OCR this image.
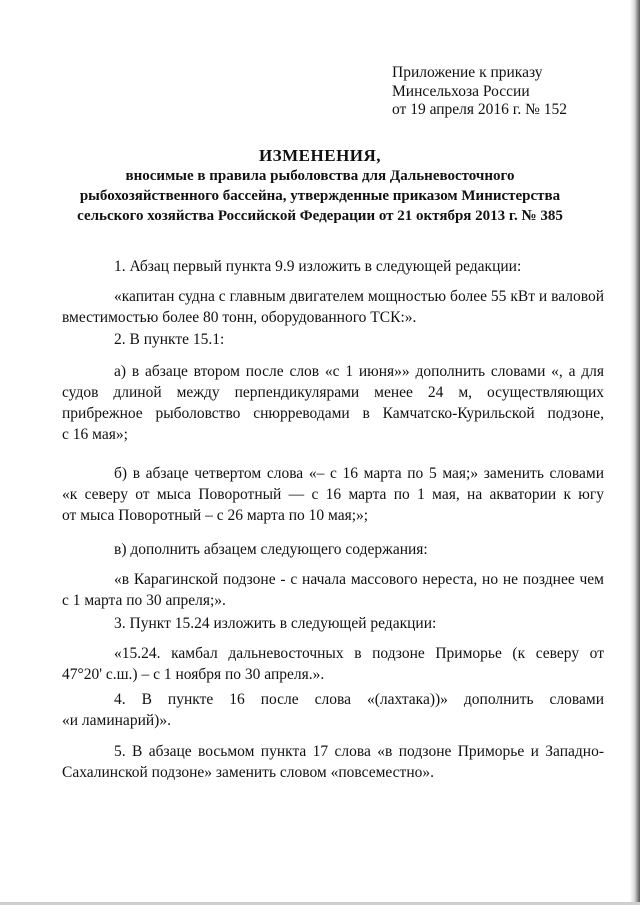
Приложение к приказу
Минсельхоза России
от 19 апреля 2016 г. № 152
ИЗМЕНЕНИЯ,
вносимые в правила рыболовства для Дальневосточного
рыбохозяйственного бассейна, утвержденные приказом Министерства
сельского хозяйства Российской Федерации от 21 октября 2013 г. № 385
1. Абзац первый пункта 9.9 изложить в следующей редакции:
«капитан судна с главным двигателем мощностью более 55 кВт и валовой
вместимостью более 80 тонн, оборудованного ТСК:».
2. В пункте 15.1:
а) в абзаце втором после слов «с 1 июня»» дополнить словами «, а для
судов длиной между перпендикулярами менее 24 м, осуществляющих
прибрежное рыболовство снюрреводами в Камчатско-Курильской подзоне,
с 16 мая»;
б) в абзаце четвертом слова «– с 16 марта по 5 мая;» заменить словами
«к северу от мыса Поворотный — с 16 марта по 1 мая, на акватории к югу
от мыса Поворотный – с 26 марта по 10 мая;»;
в) дополнить абзацем следующего содержания:
«в Карагинской подзоне - с начала массового нереста, но не позднее чем
с 1 марта по 30 апреля;».
3. Пункт 15.24 изложить в следующей редакции:
«15.24. камбал дальневосточных в подзоне Приморье (к северу от
47°20' с.ш.) – с 1 ноября по 30 апреля.».
4. В пункте 16 после слова «(лахтака))» дополнить словами
«и ламинарий)».
5. В абзаце восьмом пункта 17 слова «в подзоне Приморье и Западно-
Сахалинской подзоне» заменить словом «повсеместно».
